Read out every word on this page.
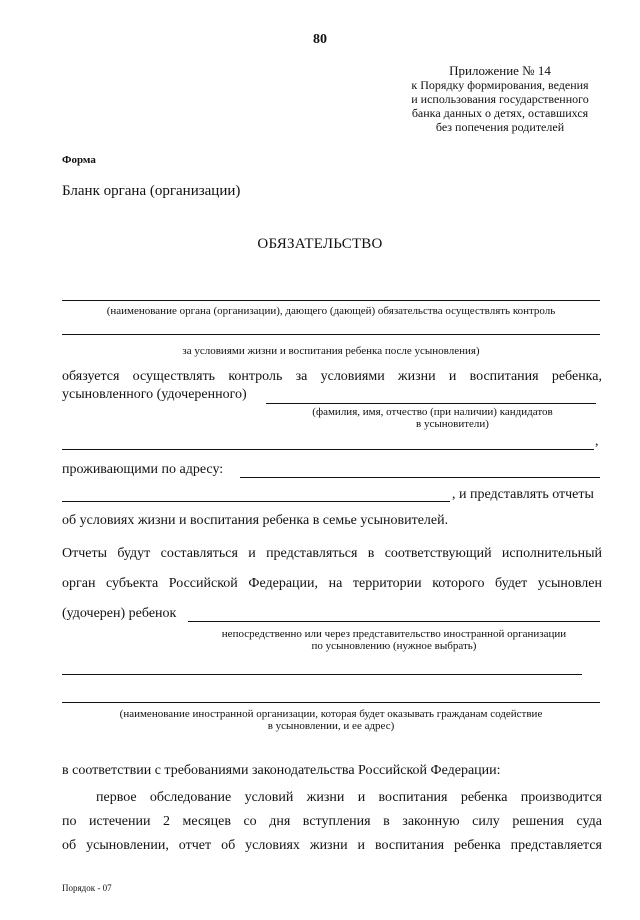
80
Приложение № 14
к Порядку формирования, ведения
и использования государственного
банка данных о детях, оставшихся
без попечения родителей
Форма
Бланк органа (организации)
ОБЯЗАТЕЛЬСТВО
(наименование органа (организации), дающего (дающей) обязательства осуществлять контроль
за условиями жизни и воспитания ребенка после усыновления)
обязуется осуществлять контроль за условиями жизни и воспитания ребенка,
усыновленного (удочеренного)
(фамилия, имя, отчество (при наличии) кандидатов
в усыновители)
,
проживающими по адресу:
, и представлять отчеты
об условиях жизни и воспитания ребенка в семье усыновителей.
Отчеты будут составляться и представляться в соответствующий исполнительный
орган субъекта Российской Федерации, на территории которого будет усыновлен
(удочерен) ребенок
непосредственно или через представительство иностранной организации
по усыновлению (нужное выбрать)
(наименование иностранной организации, которая будет оказывать гражданам содействие
в усыновлении, и ее адрес)
в соответствии с требованиями законодательства Российской Федерации:
первое обследование условий жизни и воспитания ребенка производится
по истечении 2 месяцев со дня вступления в законную силу решения суда
об усыновлении, отчет об условиях жизни и воспитания ребенка представляется
Порядок - 07
